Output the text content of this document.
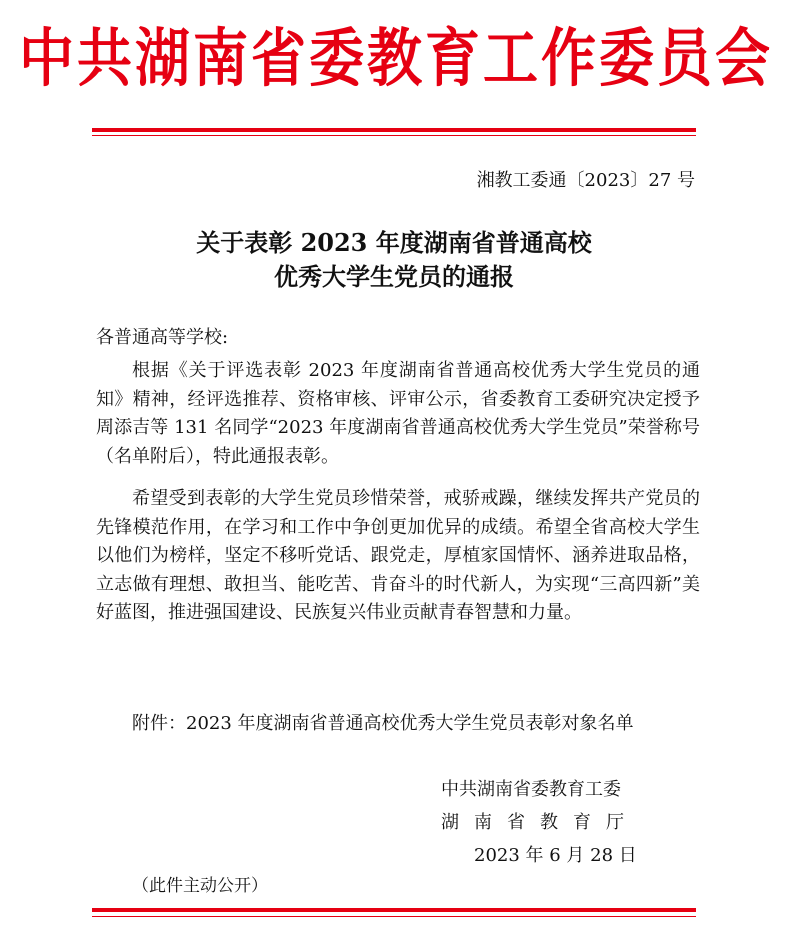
中共湖南省委教育工作委员会
湘教工委通〔2023〕27 号
关于表彰 2023 年度湖南省普通高校
优秀大学生党员的通报
各普通高等学校:

根据《关于评选表彰 2023 年度湖南省普通高校优秀大学生党员的通知》精神，经评选推荐、资格审核、评审公示，省委教育工委研究决定授予周添吉等 131 名同学“2023 年度湖南省普通高校优秀大学生党员”荣誉称号（名单附后），特此通报表彰。

希望受到表彰的大学生党员珍惜荣誉，戒骄戒躁，继续发挥共产党员的先锋模范作用，在学习和工作中争创更加优异的成绩。希望全省高校大学生以他们为榜样，坚定不移听党话、跟党走，厚植家国情怀、涵养进取品格，立志做有理想、敢担当、能吃苦、肯奋斗的时代新人，为实现“三高四新”美好蓝图，推进强国建设、民族复兴伟业贡献青春智慧和力量。

附件：2023 年度湖南省普通高校优秀大学生党员表彰对象名单
中共湖南省委教育工委
湖南省教育厅
2023 年 6 月 28 日
（此件主动公开）
